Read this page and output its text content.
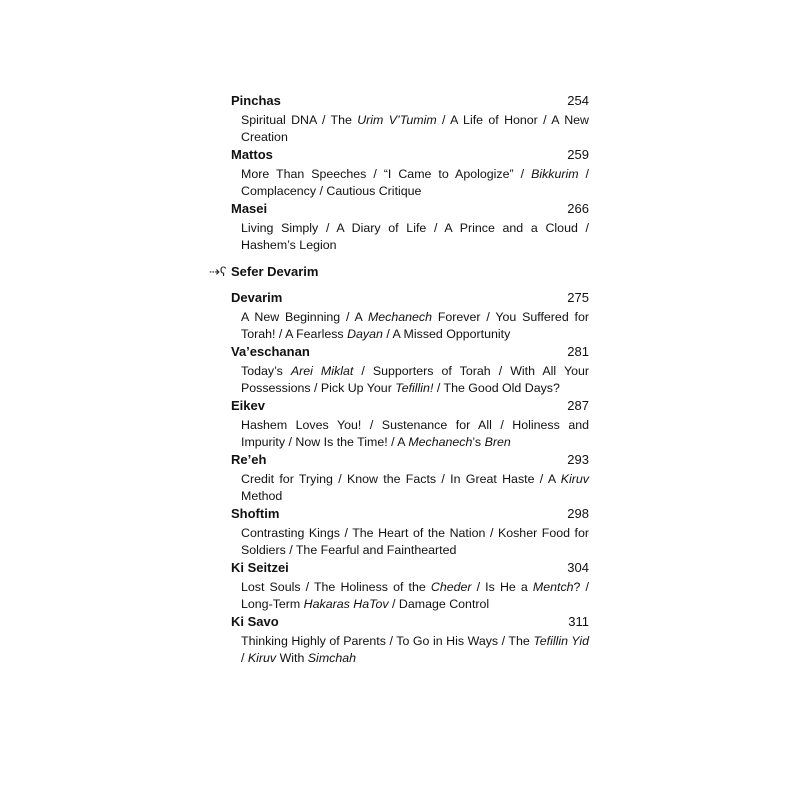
Pinchas	254
Spiritual DNA / The Urim V’Tumim / A Life of Honor / A New Creation
Mattos	259
More Than Speeches / “I Came to Apologize” / Bikkurim / Complacency / Cautious Critique
Masei	266
Living Simply / A Diary of Life / A Prince and a Cloud / Hashem’s Legion
⇢ʕ Sefer Devarim
Devarim	275
A New Beginning / A Mechanech Forever / You Suffered for Torah! / A Fearless Dayan / A Missed Opportunity
Va’eschanan	281
Today’s Arei Miklat / Supporters of Torah / With All Your Possessions / Pick Up Your Tefillin! / The Good Old Days?
Eikev	287
Hashem Loves You! / Sustenance for All / Holiness and Impurity / Now Is the Time! / A Mechanech’s Bren
Re’eh	293
Credit for Trying / Know the Facts / In Great Haste / A Kiruv Method
Shoftim	298
Contrasting Kings / The Heart of the Nation / Kosher Food for Soldiers / The Fearful and Fainthearted
Ki Seitzei	304
Lost Souls / The Holiness of the Cheder / Is He a Mentch? / Long-Term Hakaras HaTov / Damage Control
Ki Savo	311
Thinking Highly of Parents / To Go in His Ways / The Tefillin Yid / Kiruv With Simchah
